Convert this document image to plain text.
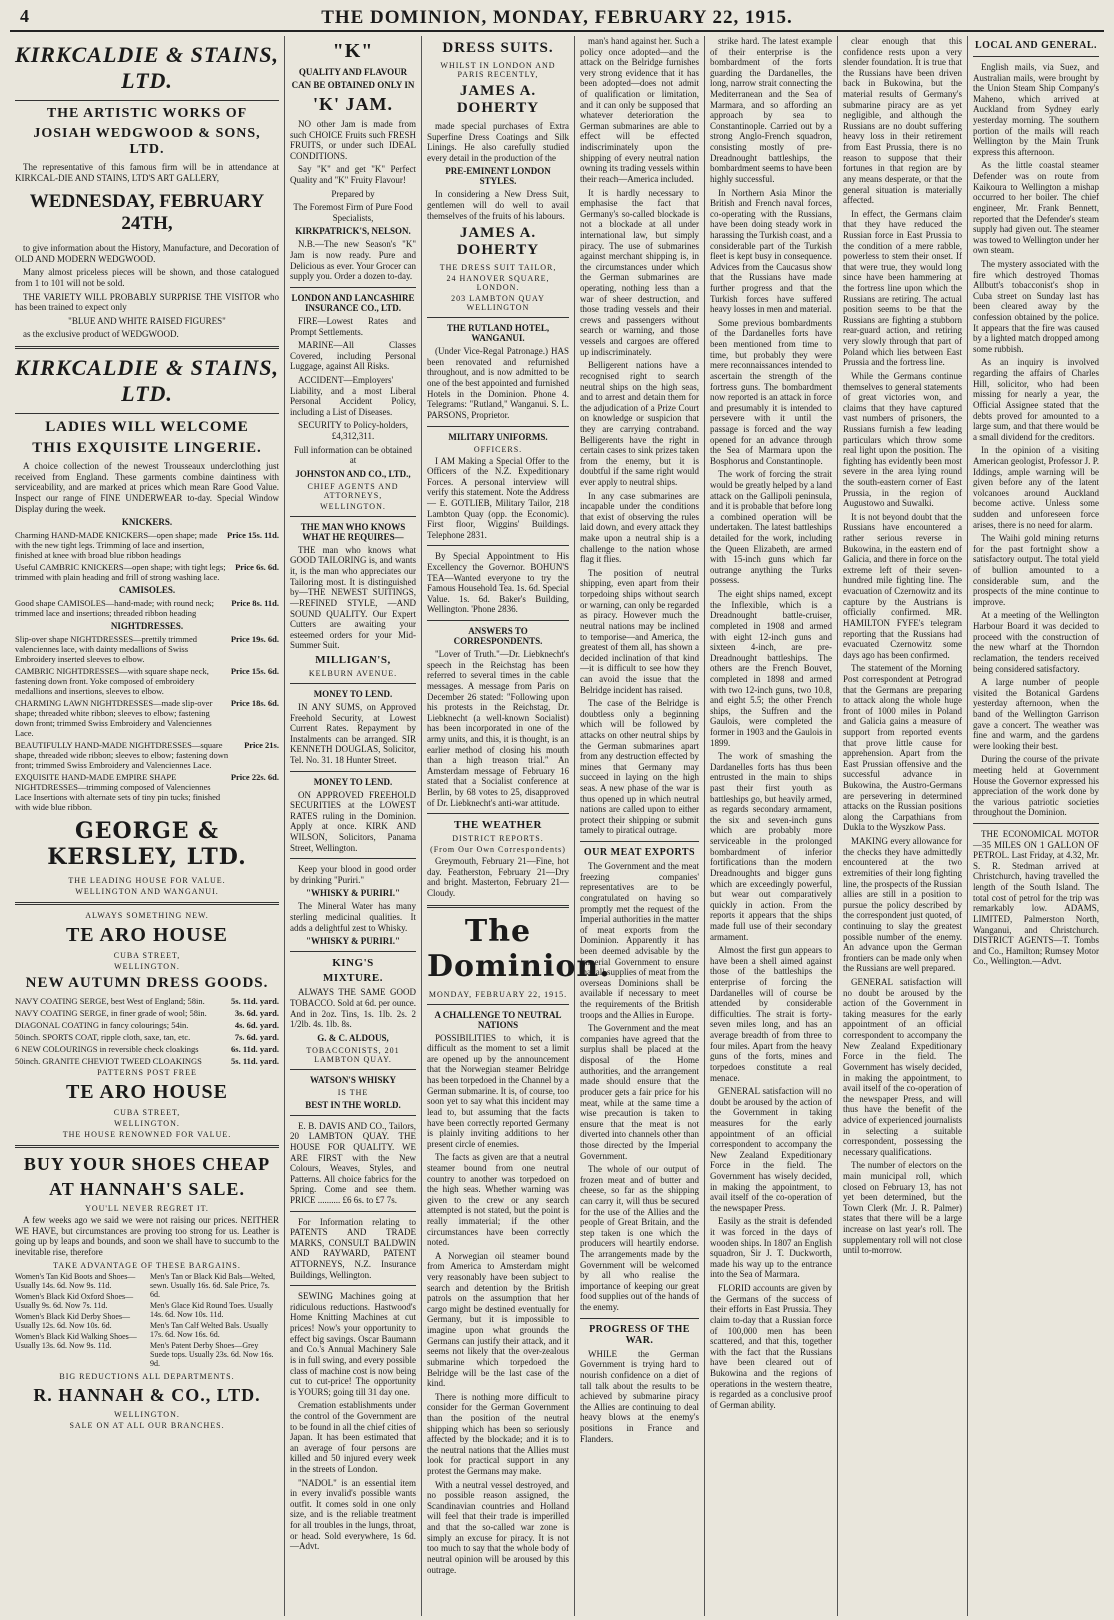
4	THE DOMINION, MONDAY, FEBRUARY 22, 1915.
KIRKCALDIE & STAINS, LTD.
THE ARTISTIC WORKS OF
JOSIAH WEDGWOOD & SONS, LTD.

The representative of this famous firm will be in attendance at KIRKCAL-DIE AND STAINS, LTD'S ART GALLERY,

WEDNESDAY, FEBRUARY 24TH,

to give information about the History, Manufacture, and Decoration of OLD AND MODERN WEDGWOOD.

Many almost priceless pieces will be shown, and those catalogued from 1 to 101 will not be sold.

THE VARIETY WILL PROBABLY SURPRISE THE VISITOR who has been trained to expect only

"BLUE AND WHITE RAISED FIGURES"

as the exclusive product of WEDGWOOD.

KIRKCALDIE & STAINS, LTD.
LADIES WILL WELCOME
THIS EXQUISITE LINGERIE.

A choice collection of the newest Trousseaux underclothing just received from England. These garments combine daintiness with serviceability, and are marked at prices which mean Rare Good Value. Inspect our range of FINE UNDERWEAR to-day. Special Window Display during the week.

KNICKERS.
Charming HAND-MADE KNICKERS—open shape; made with the new tight legs. Trimming of lace and insertion, finished at knee with broad blue ribbon headings
Price 15s. 11d.
Useful CAMBRIC KNICKERS—open shape; with tight legs; trimmed with plain heading and frill of strong washing lace.
Price 6s. 6d.
CAMISOLES.
Good shape CAMISOLES—hand-made; with round neck; trimmed lace and insertions; threaded ribbon heading
Price 8s. 11d.
NIGHTDRESSES.
Slip-over shape NIGHTDRESSES—prettily trimmed valenciennes lace, with dainty medallions of Swiss Embroidery inserted sleeves to elbow.
Price 19s. 6d.
CAMBRIC NIGHTDRESSES—with square shape neck, fastening down front. Yoke composed of embroidery medallions and insertions, sleeves to elbow.
Price 15s. 6d.
CHARMING LAWN NIGHTDRESSES—made slip-over shape; threaded white ribbon; sleeves to elbow; fastening down front; trimmed Swiss Embroidery and Valenciennes Lace.
Price 18s. 6d.
BEAUTIFULLY HAND-MADE NIGHTDRESSES—square shape, threaded wide ribbon; sleeves to elbow; fastening down front; trimmed Swiss Embroidery and Valenciennes Lace.
Price 21s.
EXQUISITE HAND-MADE EMPIRE SHAPE NIGHTDRESSES—trimming composed of Valenciennes Lace Insertions with alternate sets of tiny pin tucks; finished with wide blue ribbon.
Price 22s. 6d.
GEORGE & KERSLEY, LTD.
THE LEADING HOUSE FOR VALUE.
WELLINGTON AND WANGANUI.
ALWAYS SOMETHING NEW.
TE ARO HOUSE
CUBA STREET,
WELLINGTON.
NEW AUTUMN DRESS GOODS.
NAVY COATING SERGE, best West of England; 58in.	5s. 11d. yard.
NAVY COATING SERGE, in finer grade of wool; 58in.	3s. 6d. yard.
DIAGONAL COATING in fancy colourings; 54in.	4s. 6d. yard.
50inch. SPORTS COAT, ripple cloth, saxe, tan, etc.	7s. 6d. yard.
6 NEW COLOURINGS in reversible check cloakings	6s. 11d. yard.
50inch. GRANITE CHEVIOT TWEED CLOAKINGS	5s. 11d. yard.
PATTERNS POST FREE
TE ARO HOUSE
CUBA STREET,
WELLINGTON.
THE HOUSE RENOWNED FOR VALUE.
BUY YOUR SHOES CHEAP
AT HANNAH'S SALE.
YOU'LL NEVER REGRET IT.

A few weeks ago we said we were not raising our prices. NEITHER WE HAVE, but circumstances are proving too strong for us. Leather is going up by leaps and bounds, and soon we shall have to succumb to the inevitable rise, therefore

TAKE ADVANTAGE OF THESE BARGAINS.
Women's Tan Kid Boots and Shoes— Usually 14s. 6d. Now 9s. 11d.
Women's Black Kid Oxford Shoes— Usually 9s. 6d. Now 7s. 11d.
Women's Black Kid Derby Shoes— Usually 12s. 6d. Now 10s. 6d.
Women's Black Kid Walking Shoes— Usually 13s. 6d. Now 9s. 11d.
Men's Tan or Black Kid Bals—Welted, sewn. Usually 16s. 6d. Sale Price, 7s. 6d.
Men's Glace Kid Round Toes. Usually 14s. 6d. Now 10s. 11d.
Men's Tan Calf Welted Bals. Usually 17s. 6d. Now 16s. 6d.
Men's Patent Derby Shoes—Grey Suede tops. Usually 23s. 6d. Now 16s. 9d.
BIG REDUCTIONS ALL DEPARTMENTS.
R. HANNAH & CO., LTD.
WELLINGTON.
SALE ON AT ALL OUR BRANCHES.
"K"
QUALITY AND FLAVOUR
CAN BE OBTAINED ONLY IN
'K' JAM.

NO other Jam is made from such CHOICE Fruits such FRESH FRUITS, or under such IDEAL CONDITIONS.

Say "K" and get "K" Perfect Quality and "K" Fruity Flavour!

Prepared by

The Foremost Firm of Pure Food Specialists,

KIRKPATRICK'S, NELSON.

N.B.—The new Season's "K" Jam is now ready. Pure and Delicious as ever. Your Grocer can supply you. Order a dozen to-day.

LONDON AND LANCASHIRE INSURANCE CO., LTD.

FIRE—Lowest Rates and Prompt Settlements.

MARINE—All Classes Covered, including Personal Luggage, against All Risks.

ACCIDENT—Employers' Liability, and a most Liberal Personal Accident Policy, including a List of Diseases.

SECURITY to Policy-holders, £4,312,311.

Full information can be obtained at

JOHNSTON AND CO., LTD.,
CHIEF AGENTS AND ATTORNEYS,
WELLINGTON.
THE MAN WHO KNOWS WHAT HE REQUIRES—

THE man who knows what GOOD TAILORING is, and wants it, is the man who appreciates our Tailoring most. It is distinguished by—THE NEWEST SUITINGS, —REFINED STYLE, —AND SOUND QUALITY. Our Expert Cutters are awaiting your esteemed orders for your Mid-Summer Suit.

MILLIGAN'S,
KELBURN AVENUE.
MONEY TO LEND.

IN ANY SUMS, on Approved Freehold Security, at Lowest Current Rates. Repayment by Instalments can be arranged. SIR KENNETH DOUGLAS, Solicitor, Tel. No. 31. 18 Hunter Street.

MONEY TO LEND.

ON APPROVED FREEHOLD SECURITIES at the LOWEST RATES ruling in the Dominion. Apply at once. KIRK AND WILSON, Solicitors, Panama Street, Wellington.

Keep your blood in good order by drinking "Puriri."

"WHISKY & PURIRI."

The Mineral Water has many sterling medicinal qualities. It adds a delightful zest to Whisky.

"WHISKY & PURIRI."
KING'S
MIXTURE.

ALWAYS THE SAME GOOD TOBACCO. Sold at 6d. per ounce. And in 2oz. Tins, 1s. 1lb. 2s. 2 1/2lb. 4s. 1lb. 8s.

G. & C. ALDOUS,
TOBACCONISTS, 201 LAMBTON QUAY.
WATSON'S WHISKY
IS THE
BEST IN THE WORLD.

E. B. DAVIS AND CO., Tailors, 20 LAMBTON QUAY. THE HOUSE FOR QUALITY. WE ARE FIRST with the New Colours, Weaves, Styles, and Patterns. All choice fabrics for the Spring. Come and see them. PRICE .......... £6 6s. to £7 7s.

For Information relating to PATENTS AND TRADE MARKS, CONSULT BALDWIN AND RAYWARD, PATENT ATTORNEYS, N.Z. Insurance Buildings, Wellington.

SEWING Machines going at ridiculous reductions. Hastwood's Home Knitting Machines at cut prices! Now's your opportunity to effect big savings. Oscar Baumann and Co.'s Annual Machinery Sale is in full swing, and every possible class of machine cost is now being cut to cut-price! The opportunity is YOURS; going till 31 day one.

Cremation establishments under the control of the Government are to be found in all the chief cities of Japan. It has been estimated that an average of four persons are killed and 50 injured every week in the streets of London.

"NADOL" is an essential item in every invalid's possible wants outfit. It comes sold in one only size, and is the reliable treatment for all troubles in the lungs, throat, or head. Sold everywhere, 1s 6d.—Advt.

DRESS SUITS.
WHILST IN LONDON AND PARIS RECENTLY,
JAMES A. DOHERTY

made special purchases of Extra Superfine Dress Coatings and Silk Linings. He also carefully studied every detail in the production of the

PRE-EMINENT LONDON STYLES.

In considering a New Dress Suit, gentlemen will do well to avail themselves of the fruits of his labours.

JAMES A. DOHERTY
THE DRESS SUIT TAILOR,
24 HANOVER SQUARE, LONDON.
203 LAMBTON QUAY WELLINGTON
THE RUTLAND HOTEL, WANGANUI.

(Under Vice-Regal Patronage.) HAS been renovated and refurnished throughout, and is now admitted to be one of the best appointed and furnished Hotels in the Dominion. Phone 4. Telegrams: "Rutland," Wanganui. S. L. PARSONS, Proprietor.

MILITARY UNIFORMS.
OFFICERS.

I AM Making a Special Offer to the Officers of the N.Z. Expeditionary Forces. A personal interview will verify this statement. Note the Address— E. GOTLIEB, Military Tailor, 218 Lambton Quay (opp. the Economic). First floor, Wiggins' Buildings. Telephone 2831.

By Special Appointment to His Excellency the Governor. BOHUN'S TEA—Wanted everyone to try the Famous Household Tea. 1s. 6d. Special Value. 1s. 6d. Baker's Building, Wellington. 'Phone 2836.

ANSWERS TO CORRESPONDENTS.

"Lover of Truth."—Dr. Liebknecht's speech in the Reichstag has been referred to several times in the cable messages. A message from Paris on December 26 stated: "Following upon his protests in the Reichstag, Dr. Liebknecht (a well-known Socialist) has been incorporated in one of the army units, and this, it is thought, is an earlier method of closing his mouth than a high treason trial." An Amsterdam message of February 16 stated that a Socialist conference at Berlin, by 68 votes to 25, disapproved of Dr. Liebknecht's anti-war attitude.

THE WEATHER
DISTRICT REPORTS.
(From Our Own Correspondents)

Greymouth, February 21—Fine, hot day. Featherston, February 21—Dry and bright. Masterton, February 21—Cloudy.

The Dominion.
MONDAY, FEBRUARY 22, 1915.
A CHALLENGE TO NEUTRAL NATIONS

POSSIBILITIES to which, it is difficult as the moment to set a limit are opened up by the announcement that the Norwegian steamer Belridge has been torpedoed in the Channel by a German submarine. It is, of course, too soon yet to say what this incident may lead to, but assuming that the facts have been correctly reported Germany is plainly inviting additions to her present circle of enemies.

The facts as given are that a neutral steamer bound from one neutral country to another was torpedoed on the high seas. Whether warning was given to the crew or any search attempted is not stated, but the point is really immaterial; if the other circumstances have been correctly noted.

A Norwegian oil steamer bound from America to Amsterdam might very reasonably have been subject to search and detention by the British patrols on the assumption that her cargo might be destined eventually for Germany, but it is impossible to imagine upon what grounds the Germans can justify their attack, and it seems not likely that the over-zealous submarine which torpedoed the Belridge will be the last case of the kind.

There is nothing more difficult to consider for the German Government than the position of the neutral shipping which has been so seriously affected by the blockade; and it is to the neutral nations that the Allies must look for practical support in any protest the Germans may make.

With a neutral vessel destroyed, and no possible reason assigned, the Scandinavian countries and Holland will feel that their trade is imperilled and that the so-called war zone is simply an excuse for piracy. It is not too much to say that the whole body of neutral opinion will be aroused by this outrage.

man's hand against her. Such a policy once adopted—and the attack on the Belridge furnishes very strong evidence that it has been adopted—does not admit of qualification or limitation, and it can only be supposed that whatever deterioration the German submarines are able to effect will be effected indiscriminately upon the shipping of every neutral nation owning its trading vessels within their reach—America included.

It is hardly necessary to emphasise the fact that Germany's so-called blockade is not a blockade at all under international law, but simply piracy. The use of submarines against merchant shipping is, in the circumstances under which the German submarines are operating, nothing less than a war of sheer destruction, and those trading vessels and their crews and passengers without search or warning, and those vessels and cargoes are offered up indiscriminately.

Belligerent nations have a recognised right to search neutral ships on the high seas, and to arrest and detain them for the adjudication of a Prize Court on knowledge or suspicion that they are carrying contraband. Belligerents have the right in certain cases to sink prizes taken from the enemy, but it is doubtful if the same right would ever apply to neutral ships.

In any case submarines are incapable under the conditions that exist of observing the rules laid down, and every attack they make upon a neutral ship is a challenge to the nation whose flag it flies.

The position of neutral shipping, even apart from their torpedoing ships without search or warning, can only be regarded as piracy. However much the neutral nations may be inclined to temporise—and America, the greatest of them all, has shown a decided inclination of that kind—it is difficult to see how they can avoid the issue that the Belridge incident has raised.

The case of the Belridge is doubtless only a beginning which will be followed by attacks on other neutral ships by the German submarines apart from any destruction effected by mines that Germany may succeed in laying on the high seas. A new phase of the war is thus opened up in which neutral nations are called upon to either protect their shipping or submit tamely to piratical outrage.

OUR MEAT EXPORTS

The Government and the meat freezing companies' representatives are to be congratulated on having so promptly met the request of the Imperial authorities in the matter of meat exports from the Dominion. Apparently it has been deemed advisable by the Imperial Government to ensure that all supplies of meat from the overseas Dominions shall be available if necessary to meet the requirements of the British troops and the Allies in Europe.

The Government and the meat companies have agreed that the surplus shall be placed at the disposal of the Home authorities, and the arrangement made should ensure that the producer gets a fair price for his meat, while at the same time a wise precaution is taken to ensure that the meat is not diverted into channels other than those directed by the Imperial Government.

The whole of our output of frozen meat and of butter and cheese, so far as the shipping can carry it, will thus be secured for the use of the Allies and the people of Great Britain, and the step taken is one which the producers will heartily endorse. The arrangements made by the Government will be welcomed by all who realise the importance of keeping our great food supplies out of the hands of the enemy.

PROGRESS OF THE WAR.

WHILE the German Government is trying hard to nourish confidence on a diet of tall talk about the results to be achieved by submarine piracy the Allies are continuing to deal heavy blows at the enemy's positions in France and Flanders.

strike hard. The latest example of their enterprise is the bombardment of the forts guarding the Dardanelles, the long, narrow strait connecting the Mediterranean and the Sea of Marmara, and so affording an approach by sea to Constantinople. Carried out by a strong Anglo-French squadron, consisting mostly of pre-Dreadnought battleships, the bombardment seems to have been highly successful.

In Northern Asia Minor the British and French naval forces, co-operating with the Russians, have been doing steady work in harassing the Turkish coast, and a considerable part of the Turkish fleet is kept busy in consequence. Advices from the Caucasus show that the Russians have made further progress and that the Turkish forces have suffered heavy losses in men and material.

Some previous bombardments of the Dardanelles forts have been mentioned from time to time, but probably they were mere reconnaissances intended to ascertain the strength of the fortress guns. The bombardment now reported is an attack in force and presumably it is intended to persevere with it until the passage is forced and the way opened for an advance through the Sea of Marmara upon the Bosphorus and Constantinople.

The work of forcing the strait would be greatly helped by a land attack on the Gallipoli peninsula, and it is probable that before long a combined operation will be undertaken. The latest battleships detailed for the work, including the Queen Elizabeth, are armed with 15-inch guns which far outrange anything the Turks possess.

The eight ships named, except the Inflexible, which is a Dreadnought battle-cruiser, completed in 1908 and armed with eight 12-inch guns and sixteen 4-inch, are pre-Dreadnought battleships. The others are the French Bouvet, completed in 1898 and armed with two 12-inch guns, two 10.8, and eight 5.5; the other French ships, the Suffren and the Gaulois, were completed the former in 1903 and the Gaulois in 1899.

The work of smashing the Dardanelles forts has thus been entrusted in the main to ships past their first youth as battleships go, but heavily armed, as regards secondary armament, the six and seven-inch guns which are probably more serviceable in the prolonged bombardment of inferior fortifications than the modern Dreadnoughts and bigger guns which are exceedingly powerful, but wear out comparatively quickly in action. From the reports it appears that the ships made full use of their secondary armament.

Almost the first gun appears to have been a shell aimed against those of the battleships the enterprise of forcing the Dardanelles will of course be attended by considerable difficulties. The strait is forty-seven miles long, and has an average breadth of from three to four miles. Apart from the heavy guns of the forts, mines and torpedoes constitute a real menace.

GENERAL satisfaction will no doubt be aroused by the action of the Government in taking measures for the early appointment of an official correspondent to accompany the New Zealand Expeditionary Force in the field. The Government has wisely decided, in making the appointment, to avail itself of the co-operation of the newspaper Press.

Easily as the strait is defended it was forced in the days of wooden ships. In 1807 an English squadron, Sir J. T. Duckworth, made his way up to the entrance into the Sea of Marmara.

FLORID accounts are given by the Germans of the success of their efforts in East Prussia. They claim to-day that a Russian force of 100,000 men has been scattered, and that this, together with the fact that the Russians have been cleared out of Bukowina and the regions of operations in the western theatre, is regarded as a conclusive proof of German ability.

clear enough that this confidence rests upon a very slender foundation. It is true that the Russians have been driven back in Bukowina, but the material results of Germany's submarine piracy are as yet negligible, and although the Russians are no doubt suffering heavy loss in their retirement from East Prussia, there is no reason to suppose that their fortunes in that region are by any means desperate, or that the general situation is materially affected.

In effect, the Germans claim that they have reduced the Russian force in East Prussia to the condition of a mere rabble, powerless to stem their onset. If that were true, they would long since have been hammering at the fortress line upon which the Russians are retiring. The actual position seems to be that the Russians are fighting a stubborn rear-guard action, and retiring very slowly through that part of Poland which lies between East Prussia and the fortress line.

While the Germans continue themselves to general statements of great victories won, and claims that they have captured vast numbers of prisoners, the Russians furnish a few leading particulars which throw some real light upon the position. The fighting has evidently been most severe in the area lying round the south-eastern corner of East Prussia, in the region of Augustowo and Suwalki.

It is not beyond doubt that the Russians have encountered a rather serious reverse in Bukowina, in the eastern end of Galicia, and there in force on the extreme left of their seven-hundred mile fighting line. The evacuation of Czernowitz and its capture by the Austrians is officially confirmed. MR. HAMILTON FYFE's telegram reporting that the Russians had evacuated Czernowitz some days ago has been confirmed.

The statement of the Morning Post correspondent at Petrograd that the Germans are preparing to attack along the whole huge front of 1000 miles in Poland and Galicia gains a measure of support from reported events that prove little cause for apprehension. Apart from the East Prussian offensive and the successful advance in Bukowina, the Austro-Germans are persevering in determined attacks on the Russian positions along the Carpathians from Dukla to the Wyszkow Pass.

MAKING every allowance for the checks they have admittedly encountered at the two extremities of their long fighting line, the prospects of the Russian allies are still in a position to pursue the policy described by the correspondent just quoted, of continuing to slay the greatest possible number of the enemy. An advance upon the German frontiers can be made only when the Russians are well prepared.

GENERAL satisfaction will no doubt be aroused by the action of the Government in taking measures for the early appointment of an official correspondent to accompany the New Zealand Expeditionary Force in the field. The Government has wisely decided, in making the appointment, to avail itself of the co-operation of the newspaper Press, and will thus have the benefit of the advice of experienced journalists in selecting a suitable correspondent, possessing the necessary qualifications.

The number of electors on the main municipal roll, which closed on February 13, has not yet been determined, but the Town Clerk (Mr. J. R. Palmer) states that there will be a large increase on last year's roll. The supplementary roll will not close until to-morrow.

LOCAL AND GENERAL.

English mails, via Suez, and Australian mails, were brought by the Union Steam Ship Company's Maheno, which arrived at Auckland from Sydney early yesterday morning. The southern portion of the mails will reach Wellington by the Main Trunk express this afternoon.

As the little coastal steamer Defender was on route from Kaikoura to Wellington a mishap occurred to her boiler. The chief engineer, Mr. Frank Bennett, reported that the Defender's steam supply had given out. The steamer was towed to Wellington under her own steam.

The mystery associated with the fire which destroyed Thomas Allbutt's tobacconist's shop in Cuba street on Sunday last has been cleared away by the confession obtained by the police. It appears that the fire was caused by a lighted match dropped among some rubbish.

As an inquiry is involved regarding the affairs of Charles Hill, solicitor, who had been missing for nearly a year, the Official Assignee stated that the debts proved for amounted to a large sum, and that there would be a small dividend for the creditors.

In the opinion of a visiting American geologist, Professor J. P. Iddings, ample warning will be given before any of the latent volcanoes around Auckland become active. Unless some sudden and unforeseen force arises, there is no need for alarm.

The Waihi gold mining returns for the past fortnight show a satisfactory output. The total yield of bullion amounted to a considerable sum, and the prospects of the mine continue to improve.

At a meeting of the Wellington Harbour Board it was decided to proceed with the construction of the new wharf at the Thorndon reclamation, the tenders received being considered satisfactory.

A large number of people visited the Botanical Gardens yesterday afternoon, when the band of the Wellington Garrison gave a concert. The weather was fine and warm, and the gardens were looking their best.

During the course of the private meeting held at Government House the Governor expressed his appreciation of the work done by the various patriotic societies throughout the Dominion.

THE ECONOMICAL MOTOR—35 MILES ON 1 GALLON OF PETROL. Last Friday, at 4.32, Mr. S. R. Stedman arrived at Christchurch, having travelled the length of the South Island. The total cost of petrol for the trip was remarkably low. ADAMS, LIMITED, Palmerston North, Wanganui, and Christchurch. DISTRICT AGENTS—T. Tombs and Co., Hamilton; Rumsey Motor Co., Wellington.—Advt.
